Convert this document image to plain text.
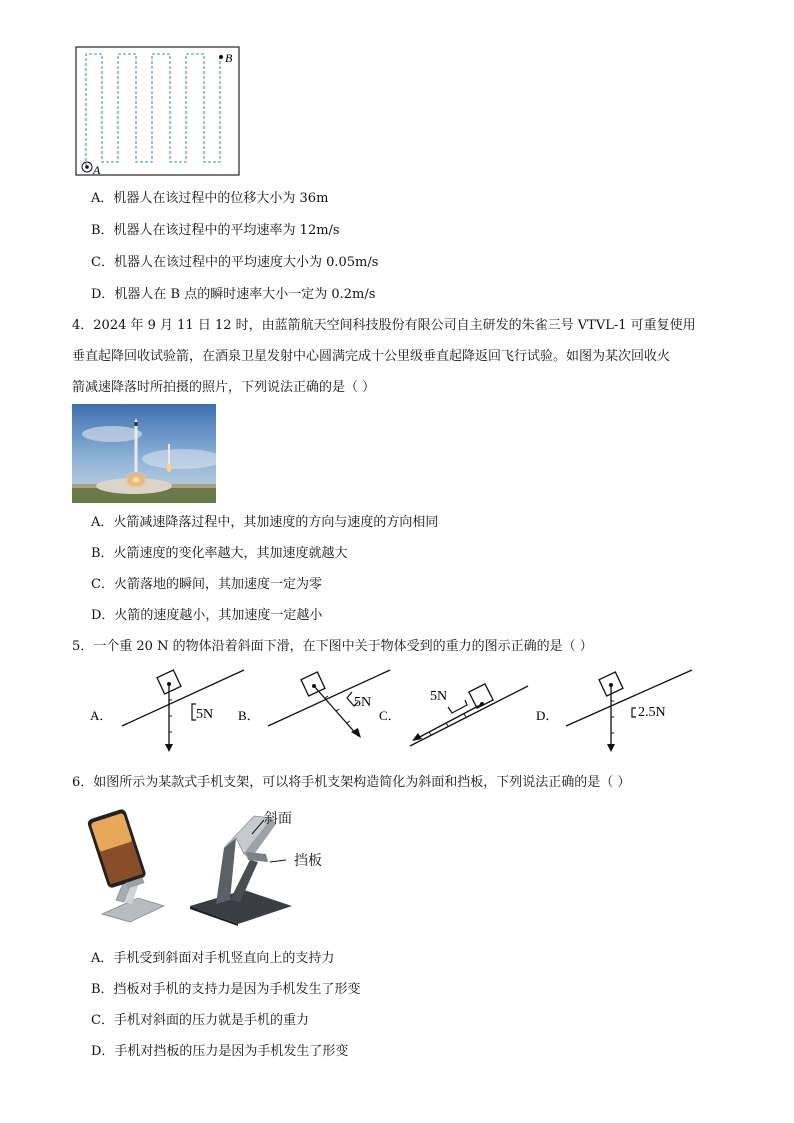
B
A
A．机器人在该过程中的位移大小为 36m
B．机器人在该过程中的平均速率为 12m/s
C．机器人在该过程中的平均速度大小为 0.05m/s
D．机器人在 B 点的瞬时速率大小一定为 0.2m/s
4．2024 年 9 月 11 日 12 时，由蓝箭航天空间科技股份有限公司自主研发的朱雀三号 VTVL-1 可重复使用
垂直起降回收试验箭，在酒泉卫星发射中心圆满完成十公里级垂直起降返回飞行试验。如图为某次回收火
箭减速降落时所拍摄的照片，下列说法正确的是（ ）
A．火箭减速降落过程中，其加速度的方向与速度的方向相同
B．火箭速度的变化率越大，其加速度就越大
C．火箭落地的瞬间，其加速度一定为零
D．火箭的速度越小，其加速度一定越小
5．一个重 20 N 的物体沿着斜面下滑，在下图中关于物体受到的重力的图示正确的是（ ）
A．	5N B．
5N
C．
5N
D．	2.5N
6．如图所示为某款式手机支架，可以将手机支架构造简化为斜面和挡板，下列说法正确的是（ ）
斜面
挡板
A．手机受到斜面对手机竖直向上的支持力
B．挡板对手机的支持力是因为手机发生了形变
C．手机对斜面的压力就是手机的重力
D．手机对挡板的压力是因为手机发生了形变
